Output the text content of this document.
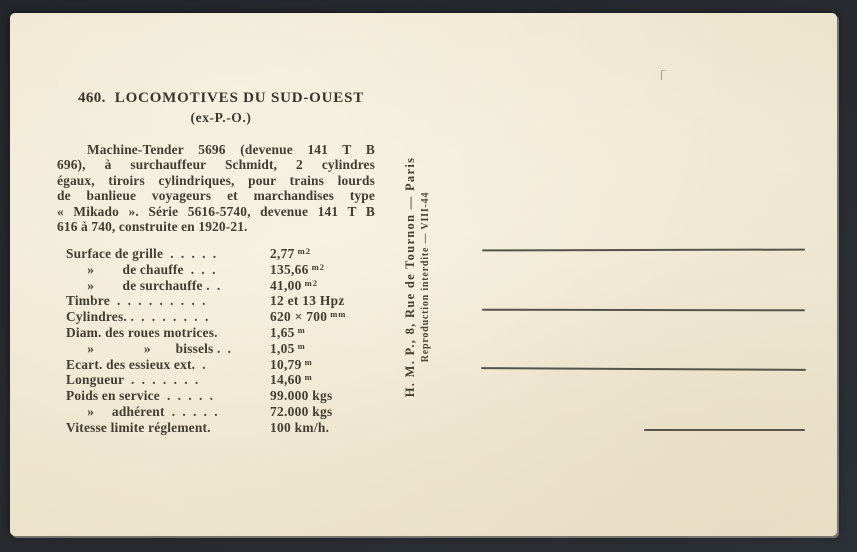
460. LOCOMOTIVES DU SUD-OUEST
(ex-P.-O.)
Machine-Tender 5696 (devenue 141 T B
696), à surchauffeur Schmidt, 2 cylindres
égaux, tiroirs cylindriques, pour trains lourds
de banlieue voyageurs et marchandises type
« Mikado ». Série 5616-5740, devenue 141 T B
616 à 740, construite en 1920-21.
Surface de grille  .  .  .  .  .	2,77 $^{m2}$
»        de chauffe  .  .  .	135,66 $^{m2}$
»        de surchauffe .  .	41,00 $^{m2}$
Timbre  .  .  .  .  .  .  .  .  .	12 et 13 Hpz
Cylindres. .  .  .  .  .  .  .  .	620 × 700 $^{mm}$
Diam. des roues motrices.	1,65 $^m$
»              »       bissels .  .	1,05 $^m$
Ecart. des essieux ext.  .	10,79 $^m$
Longueur  .  .  .  .  .  .  .	14,60 $^m$
Poids en service  .  .  .  .  .	99.000 kgs
»     adhérent  .  .  .  .  .	72.000 kgs
Vitesse limite réglement.	100 km/h.
H. M. P., 8, Rue de Tournon — Paris Reproduction interdite — VIII-44
